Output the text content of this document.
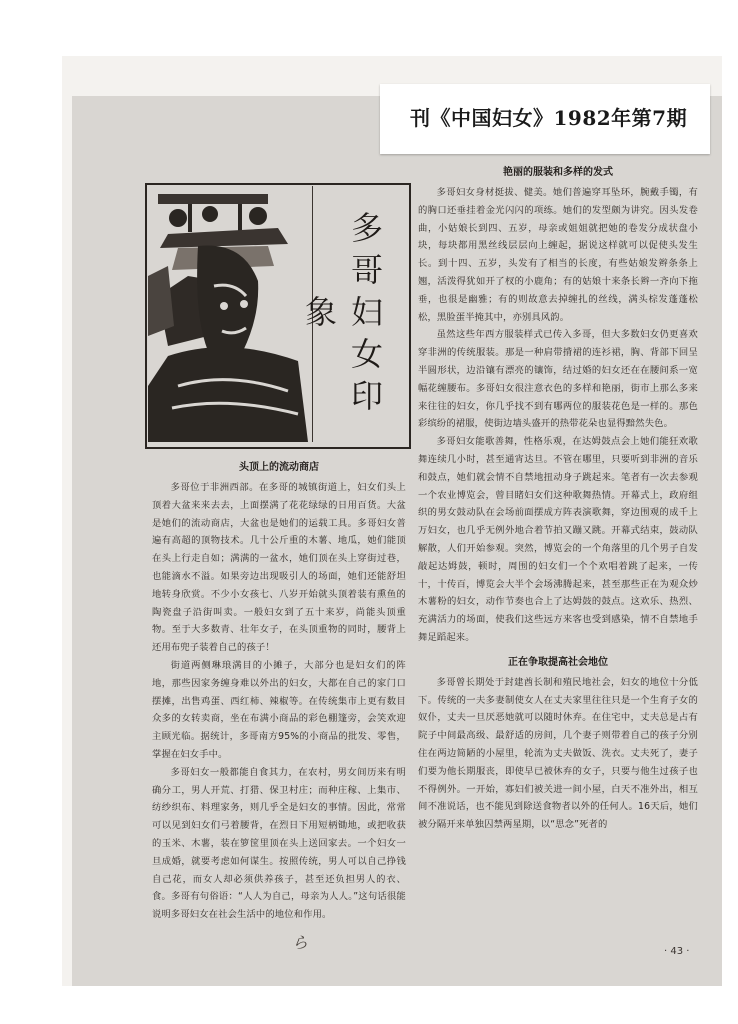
刊《中国妇女》1982年第7期
多哥妇女印象
头顶上的流动商店

多哥位于非洲西部。在多哥的城镇街道上，妇女们头上顶着大盆来来去去，上面摆满了花花绿绿的日用百货。大盆是她们的流动商店，大盆也是她们的运载工具。多哥妇女普遍有高超的顶物技术。几十公斤重的木薯、地瓜，她们能顶在头上行走自如；满满的一盆水，她们顶在头上穿街过巷，也能滴水不溢。如果旁边出现吸引人的场面，她们还能舒坦地转身欣赏。不少小女孩七、八岁开始就头顶着装有熏鱼的陶瓷盘子沿街叫卖。一般妇女到了五十来岁，尚能头顶重物。至于大多数青、壮年女子，在头顶重物的同时，腰背上还用布兜子装着自己的孩子！

街道两侧琳琅满目的小摊子，大部分也是妇女们的阵地，那些因家务缠身难以外出的妇女，大都在自己的家门口摆摊，出售鸡蛋、西红柿、辣椒等。在传统集市上更有数目众多的女转卖商，坐在布满小商品的彩色棚篷旁，会笑欢迎主顾光临。据统计，多哥南方95%的小商品的批发、零售，掌握在妇女手中。

多哥妇女一般都能自食其力，在农村，男女间历来有明确分工，男人开荒、打猎、保卫村庄；而种庄稼、上集市、纺纱织布、料理家务，则几乎全是妇女的事情。因此，常常可以见到妇女们弓着腰背，在烈日下用短柄锄地，或把收获的玉米、木薯，装在箩筐里顶在头上送回家去。一个妇女一旦成婚，就要考虑如何谋生。按照传统，男人可以自己挣钱自己花，而女人却必须供养孩子，甚至还负担男人的衣、食。多哥有句俗语：“人人为自己，母亲为人人。”这句话很能说明多哥妇女在社会生活中的地位和作用。

艳丽的服装和多样的发式

多哥妇女身材挺拔、健美。她们普遍穿耳坠环，腕戴手镯，有的胸口还垂挂着金光闪闪的项练。她们的发型颇为讲究。因头发卷曲，小姑娘长到四、五岁，母亲或姐姐就把她的卷发分成状盘小块，每块都用黑丝线层层向上缠起，据说这样就可以促使头发生长。到十四、五岁，头发有了相当的长度，有些姑娘发辫条条上翘，活泼得犹如开了杈的小鹿角；有的姑娘十来条长辫一齐向下拖垂，也很是幽雅；有的则故意去掉缠扎的丝线，满头棕发蓬蓬松松，黑脸蛋半掩其中，亦别具风韵。

虽然这些年西方服装样式已传入多哥，但大多数妇女仍更喜欢穿非洲的传统服装。那是一种肩带揹裙的连衫裙，胸、背部下回呈半圆形状，边沿镶有漂亮的镶饰，结过婚的妇女还在在腰间系一宽幅花缠腰布。多哥妇女很注意衣色的多样和艳丽，街市上那么多来来往往的妇女，你几乎找不到有哪两位的服装花色是一样的。那色彩缤纷的裙服，使街边墙头盛开的热带花朵也显得黯然失色。

多哥妇女能歌善舞，性格乐观，在达姆鼓点会上她们能狂欢歌舞连续几小时，甚至通宵达旦。不管在哪里，只要听到非洲的音乐和鼓点，她们就会情不自禁地扭动身子跳起来。笔者有一次去参观一个农业博览会，曾目睹妇女们这种歌舞热情。开幕式上，政府组织的男女鼓动队在会场前面摆成方阵表演歌舞，穿边围观的成千上万妇女，也几乎无例外地合着节拍又蹦又跳。开幕式结束，鼓动队解散，人们开始参观。突然，博览会的一个角落里的几个男子自发敲起达姆鼓，顿时，周围的妇女们一个个欢唱着跳了起来，一传十，十传百，博览会大半个会场沸腾起来，甚至那些正在为观众炒木薯粉的妇女，动作节奏也合上了达姆鼓的鼓点。这欢乐、热烈、充满活力的场面，使我们这些远方来客也受到感染，情不自禁地手舞足蹈起来。

正在争取提高社会地位

多哥曾长期处于封建酋长制和殖民地社会，妇女的地位十分低下。传统的一夫多妻制使女人在丈夫家里往往只是一个生育子女的奴仆，丈夫一旦厌恶她就可以随时休弃。在住宅中，丈夫总是占有院子中间最高级、最舒适的房间，几个妻子则带着自己的孩子分别住在两边简陋的小屋里，轮流为丈夫做饭、洗衣。丈夫死了，妻子们要为他长期服丧，即使早已被休弃的女子，只要与他生过孩子也不得例外。一开始，寡妇们被关进一间小屋，白天不准外出，相互间不准说话，也不能见到除送食物者以外的任何人。16天后，她们被分隔开来单独囚禁两星期，以“思念”死者的

· 43 ·
ら
